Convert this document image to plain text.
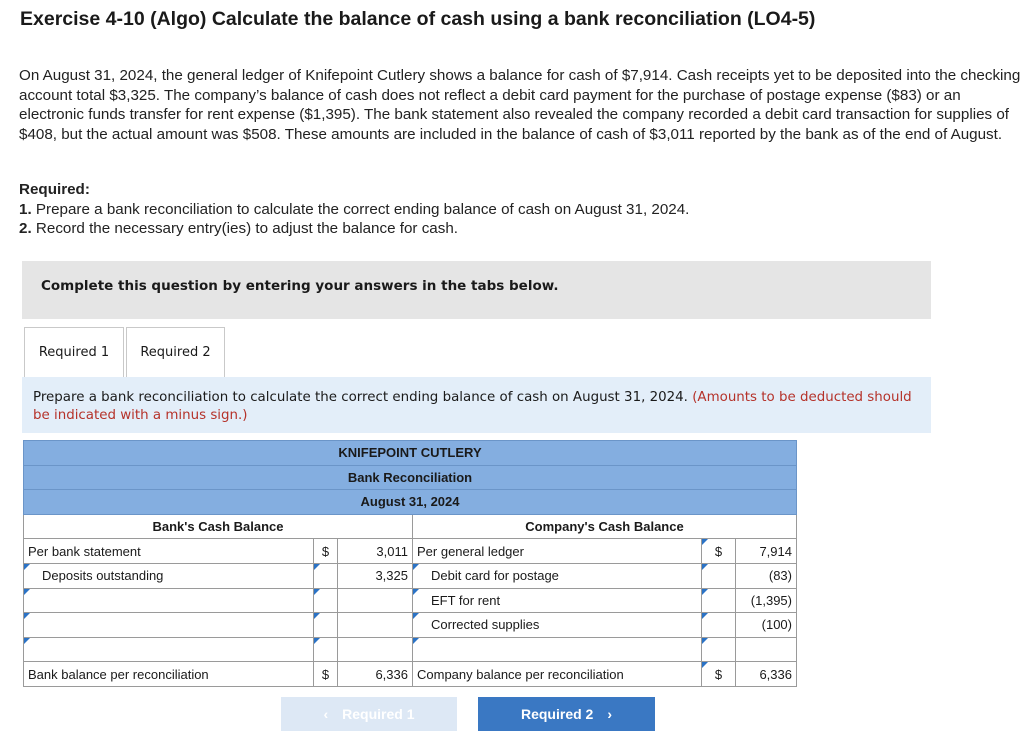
Exercise 4-10 (Algo) Calculate the balance of cash using a bank reconciliation (LO4-5)
On August 31, 2024, the general ledger of Knifepoint Cutlery shows a balance for cash of $7,914. Cash receipts yet to be deposited into the checking account total $3,325. The company’s balance of cash does not reflect a debit card payment for the purchase of postage expense ($83) or an electronic funds transfer for rent expense ($1,395). The bank statement also revealed the company recorded a debit card transaction for supplies of $408, but the actual amount was $508. These amounts are included in the balance of cash of $3,011 reported by the bank as of the end of August.
Required:
1. Prepare a bank reconciliation to calculate the correct ending balance of cash on August 31, 2024.
2. Record the necessary entry(ies) to adjust the balance for cash.
Complete this question by entering your answers in the tabs below.
Required 1	Required 2

Prepare a bank reconciliation to calculate the correct ending balance of cash on August 31, 2024. (Amounts to be deducted should be indicated with a minus sign.)

KNIFEPOINT CUTLERY					
Bank Reconciliation					
August 31, 2024					
Bank's Cash Balance			Company's Cash Balance		
Per bank statement	$	3,011	Per general ledger	$	7,914
Deposits outstanding		3,325	Debit card for postage		(83)
			EFT for rent		(1,395)
			Corrected supplies		(100)

Bank balance per reconciliation	$	6,336	Company balance per reconciliation	$	6,336
‹ Required 1	Required 2 ›
